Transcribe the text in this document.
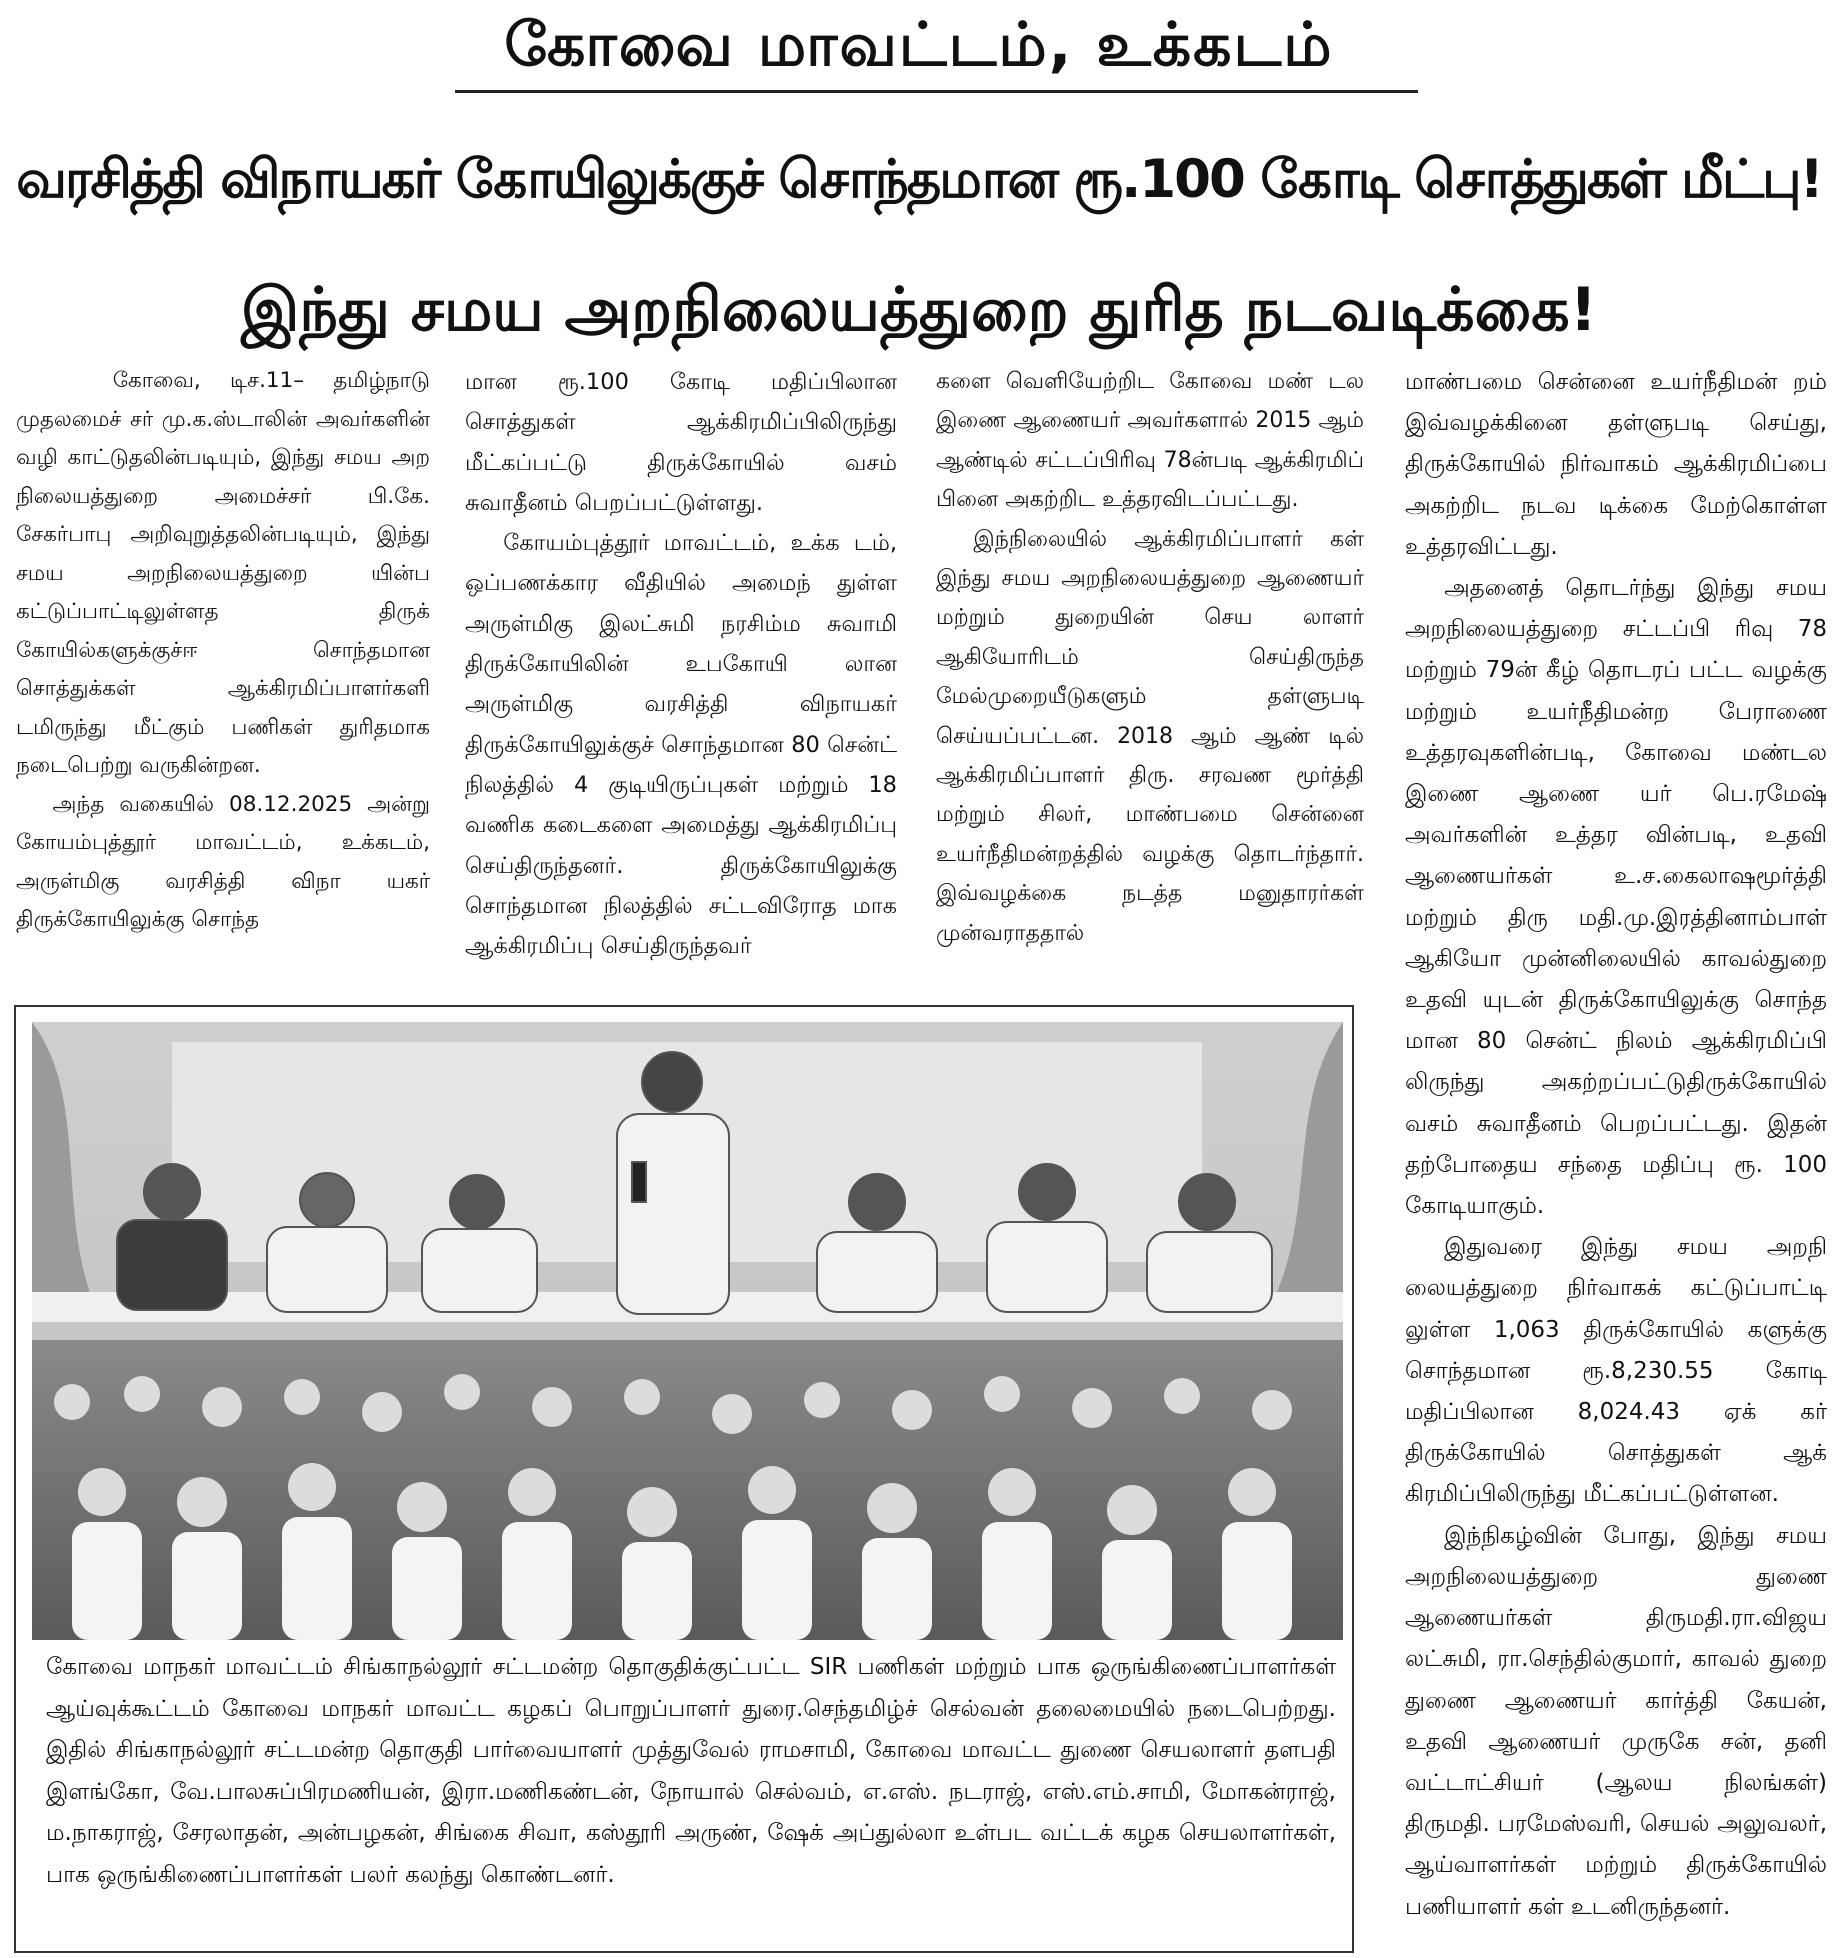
கோவை மாவட்டம், உக்கடம்
வரசித்தி விநாயகர் கோயிலுக்குச் சொந்தமான ரூ.100 கோடி சொத்துகள் மீட்பு!
இந்து சமய அறநிலையத்துறை துரித நடவடிக்கை!

கோவை, டிச.11– தமிழ்நாடு முதலமைச் சர் மு.க.ஸ்டாலின் அவர்களின் வழி காட்டுதலின்படியும், இந்து சமய அற நிலையத்துறை அமைச்சர் பி.கே. சேகர்பாபு அறிவுறுத்தலின்படியும், இந்து சமய அறநிலையத்துறை யின்ப கட்டுப்பாட்டிலுள்ளத திருக் கோயில்களுக்குச்ஈ சொந்தமான சொத்துக்கள் ஆக்கிரமிப்பாளர்களி டமிருந்து மீட்கும் பணிகள் துரிதமாக நடைபெற்று வருகின்றன.

அந்த வகையில் 08.12.2025 அன்று கோயம்புத்தூர் மாவட்டம், உக்கடம், அருள்மிகு வரசித்தி விநா யகர் திருக்கோயிலுக்கு சொந்த

மான ரூ.100 கோடி மதிப்பிலான சொத்துகள் ஆக்கிரமிப்பிலிருந்து மீட்கப்பட்டு திருக்கோயில் வசம் சுவாதீனம் பெறப்பட்டுள்ளது.

கோயம்புத்தூர் மாவட்டம், உக்க டம், ஒப்பணக்கார வீதியில் அமைந் துள்ள அருள்மிகு இலட்சுமி நரசிம்ம சுவாமி திருக்கோயிலின் உபகோயி லான அருள்மிகு வரசித்தி விநாயகர் திருக்கோயிலுக்குச் சொந்தமான 80 சென்ட் நிலத்தில் 4 குடியிருப்புகள் மற்றும் 18 வணிக கடைகளை அமைத்து ஆக்கிரமிப்பு செய்திருந்தனர். திருக்கோயிலுக்கு சொந்தமான நிலத்தில் சட்டவிரோத மாக ஆக்கிரமிப்பு செய்திருந்தவர்

களை வெளியேற்றிட கோவை மண் டல இணை ஆணையர் அவர்களால் 2015 ஆம் ஆண்டில் சட்டப்பிரிவு 78ன்படி ஆக்கிரமிப் பினை அகற்றிட உத்தரவிடப்பட்டது.

இந்நிலையில் ஆக்கிரமிப்பாளர் கள் இந்து சமய அறநிலையத்துறை ஆணையர் மற்றும் துறையின் செய லாளர் ஆகியோரிடம் செய்திருந்த மேல்முறையீடுகளும் தள்ளுபடி செய்யப்பட்டன. 2018 ஆம் ஆண் டில் ஆக்கிரமிப்பாளர் திரு. சரவண மூர்த்தி மற்றும் சிலர், மாண்பமை சென்னை உயர்நீதிமன்றத்தில் வழக்கு தொடர்ந்தார். இவ்வழக்கை நடத்த மனுதாரர்கள் முன்வராததால்

மாண்பமை சென்னை உயர்நீதிமன் றம் இவ்வழக்கினை தள்ளுபடி செய்து, திருக்கோயில் நிர்வாகம் ஆக்கிரமிப்பை அகற்றிட நடவ டிக்கை மேற்கொள்ள உத்தரவிட்டது.

அதனைத் தொடர்ந்து இந்து சமய அறநிலையத்துறை சட்டப்பி ரிவு 78 மற்றும் 79ன் கீழ் தொடரப் பட்ட வழக்கு மற்றும் உயர்நீதிமன்ற பேராணை உத்தரவுகளின்படி, கோவை மண்டல இணை ஆணை யர் பெ.ரமேஷ் அவர்களின் உத்தர வின்படி, உதவி ஆணையர்கள் உ.ச.கைலாஷமூர்த்தி மற்றும் திரு மதி.மு.இரத்தினாம்பாள் ஆகியோ முன்னிலையில் காவல்துறை உதவி யுடன் திருக்கோயிலுக்கு சொந்த மான 80 சென்ட் நிலம் ஆக்கிரமிப்பி லிருந்து அகற்றப்பட்டுதிருக்கோயில் வசம் சுவாதீனம் பெறப்பட்டது. இதன் தற்போதைய சந்தை மதிப்பு ரூ. 100 கோடியாகும்.

இதுவரை இந்து சமய அறநி லையத்துறை நிர்வாகக் கட்டுப்பாட்டி லுள்ள 1,063 திருக்கோயில் களுக்கு சொந்தமான ரூ.8,230.55 கோடி மதிப்பிலான 8,024.43 ஏக் கர் திருக்கோயில் சொத்துகள் ஆக் கிரமிப்பிலிருந்து மீட்கப்பட்டுள்ளன.

இந்நிகழ்வின் போது, இந்து சமய அறநிலையத்துறை துணை ஆணையர்கள் திருமதி.ரா.விஜய லட்சுமி, ரா.செந்தில்குமார், காவல் துறை துணை ஆணையர் கார்த்தி கேயன், உதவி ஆணையர் முருகே சன், தனி வட்டாட்சியர் (ஆலய நிலங்கள்) திருமதி. பரமேஸ்வரி, செயல் அலுவலர், ஆய்வாளர்கள் மற்றும் திருக்கோயில் பணியாளர் கள் உடனிருந்தனர்.

கோவை மாநகர் மாவட்டம் சிங்காநல்லூர் சட்டமன்ற தொகுதிக்குட்பட்ட SIR பணிகள் மற்றும் பாக ஒருங்கிணைப்பாளர்கள் ஆய்வுக்கூட்டம் கோவை மாநகர் மாவட்ட கழகப் பொறுப்பாளர் துரை.செந்தமிழ்ச் செல்வன் தலைமையில் நடைபெற்றது. இதில் சிங்காநல்லூர் சட்டமன்ற தொகுதி பார்வையாளர் முத்துவேல் ராமசாமி, கோவை மாவட்ட துணை செயலாளர் தளபதி இளங்கோ, வே.பாலசுப்பிரமணியன், இரா.மணிகண்டன், நோயால் செல்வம், எ.எஸ். நடராஜ், எஸ்.எம்.சாமி, மோகன்ராஜ், ம.நாகராஜ், சேரலாதன், அன்பழகன், சிங்கை சிவா, கஸ்தூரி அருண், ஷேக் அப்துல்லா உள்பட வட்டக் கழக செயலாளர்கள், பாக ஒருங்கிணைப்பாளர்கள் பலர் கலந்து கொண்டனர்.
